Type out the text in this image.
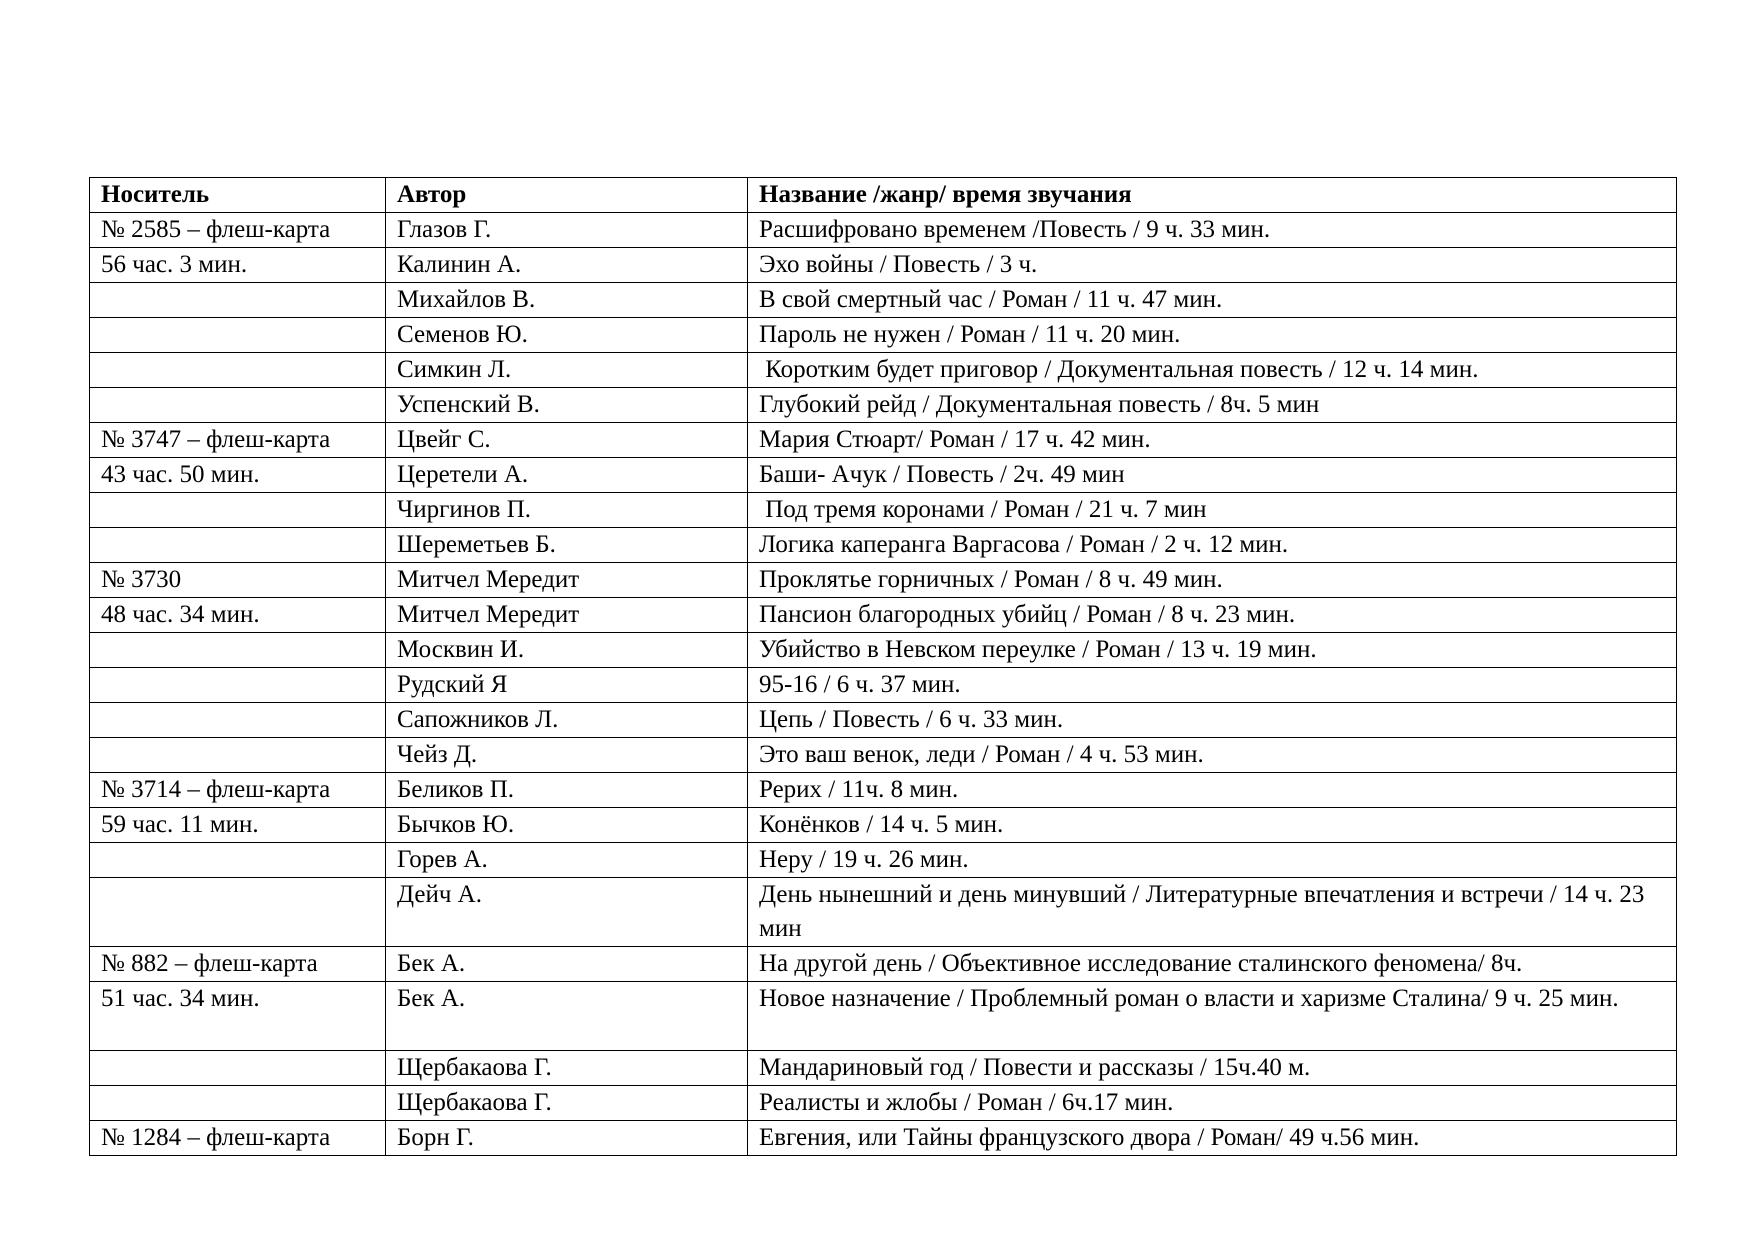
Носитель	Автор	Название /жанр/ время звучания
№ 2585 – флеш-карта	Глазов Г.	Расшифровано временем /Повесть / 9 ч. 33 мин.
56 час. 3 мин.	Калинин А.	Эхо войны / Повесть / 3 ч.
	Михайлов В.	В свой смертный час / Роман / 11 ч. 47 мин.
	Семенов Ю.	Пароль не нужен / Роман / 11 ч. 20 мин.
	Симкин Л.	Коротким будет приговор / Документальная повесть / 12 ч. 14 мин.
	Успенский В.	Глубокий рейд / Документальная повесть / 8ч. 5 мин
№ 3747 – флеш-карта	Цвейг С.	Мария Стюарт/ Роман / 17 ч. 42 мин.
43 час. 50 мин.	Церетели А.	Баши- Ачук / Повесть / 2ч. 49 мин
	Чиргинов П.	Под тремя коронами / Роман / 21 ч. 7 мин
	Шереметьев Б.	Логика каперанга Варгасова / Роман / 2 ч. 12 мин.
№ 3730	Митчел Мередит	Проклятье горничных / Роман / 8 ч. 49 мин.
48 час. 34 мин.	Митчел Мередит	Пансион благородных убийц / Роман / 8 ч. 23 мин.
	Москвин И.	Убийство в Невском переулке / Роман / 13 ч. 19 мин.
	Рудский Я	95-16 / 6 ч. 37 мин.
	Сапожников Л.	Цепь / Повесть / 6 ч. 33 мин.
	Чейз Д.	Это ваш венок, леди / Роман / 4 ч. 53 мин.
№ 3714 – флеш-карта	Беликов П.	Рерих / 11ч. 8 мин.
59 час. 11 мин.	Бычков Ю.	Конёнков / 14 ч. 5 мин.
	Горев А.	Неру / 19 ч. 26 мин.
	Дейч А.	День нынешний и день минувший / Литературные впечатления и встречи / 14 ч. 23 мин
№ 882 – флеш-карта	Бек А.	На другой день / Объективное исследование сталинского феномена/ 8ч.
51 час. 34 мин.	Бек А.	Новое назначение / Проблемный роман о власти и харизме Сталина/ 9 ч. 25 мин.
	Щербакаова Г.	Мандариновый год / Повести и рассказы / 15ч.40 м.
	Щербакаова Г.	Реалисты и жлобы / Роман / 6ч.17 мин.
№ 1284 – флеш-карта	Борн Г.	Евгения, или Тайны французского двора / Роман/ 49 ч.56 мин.
